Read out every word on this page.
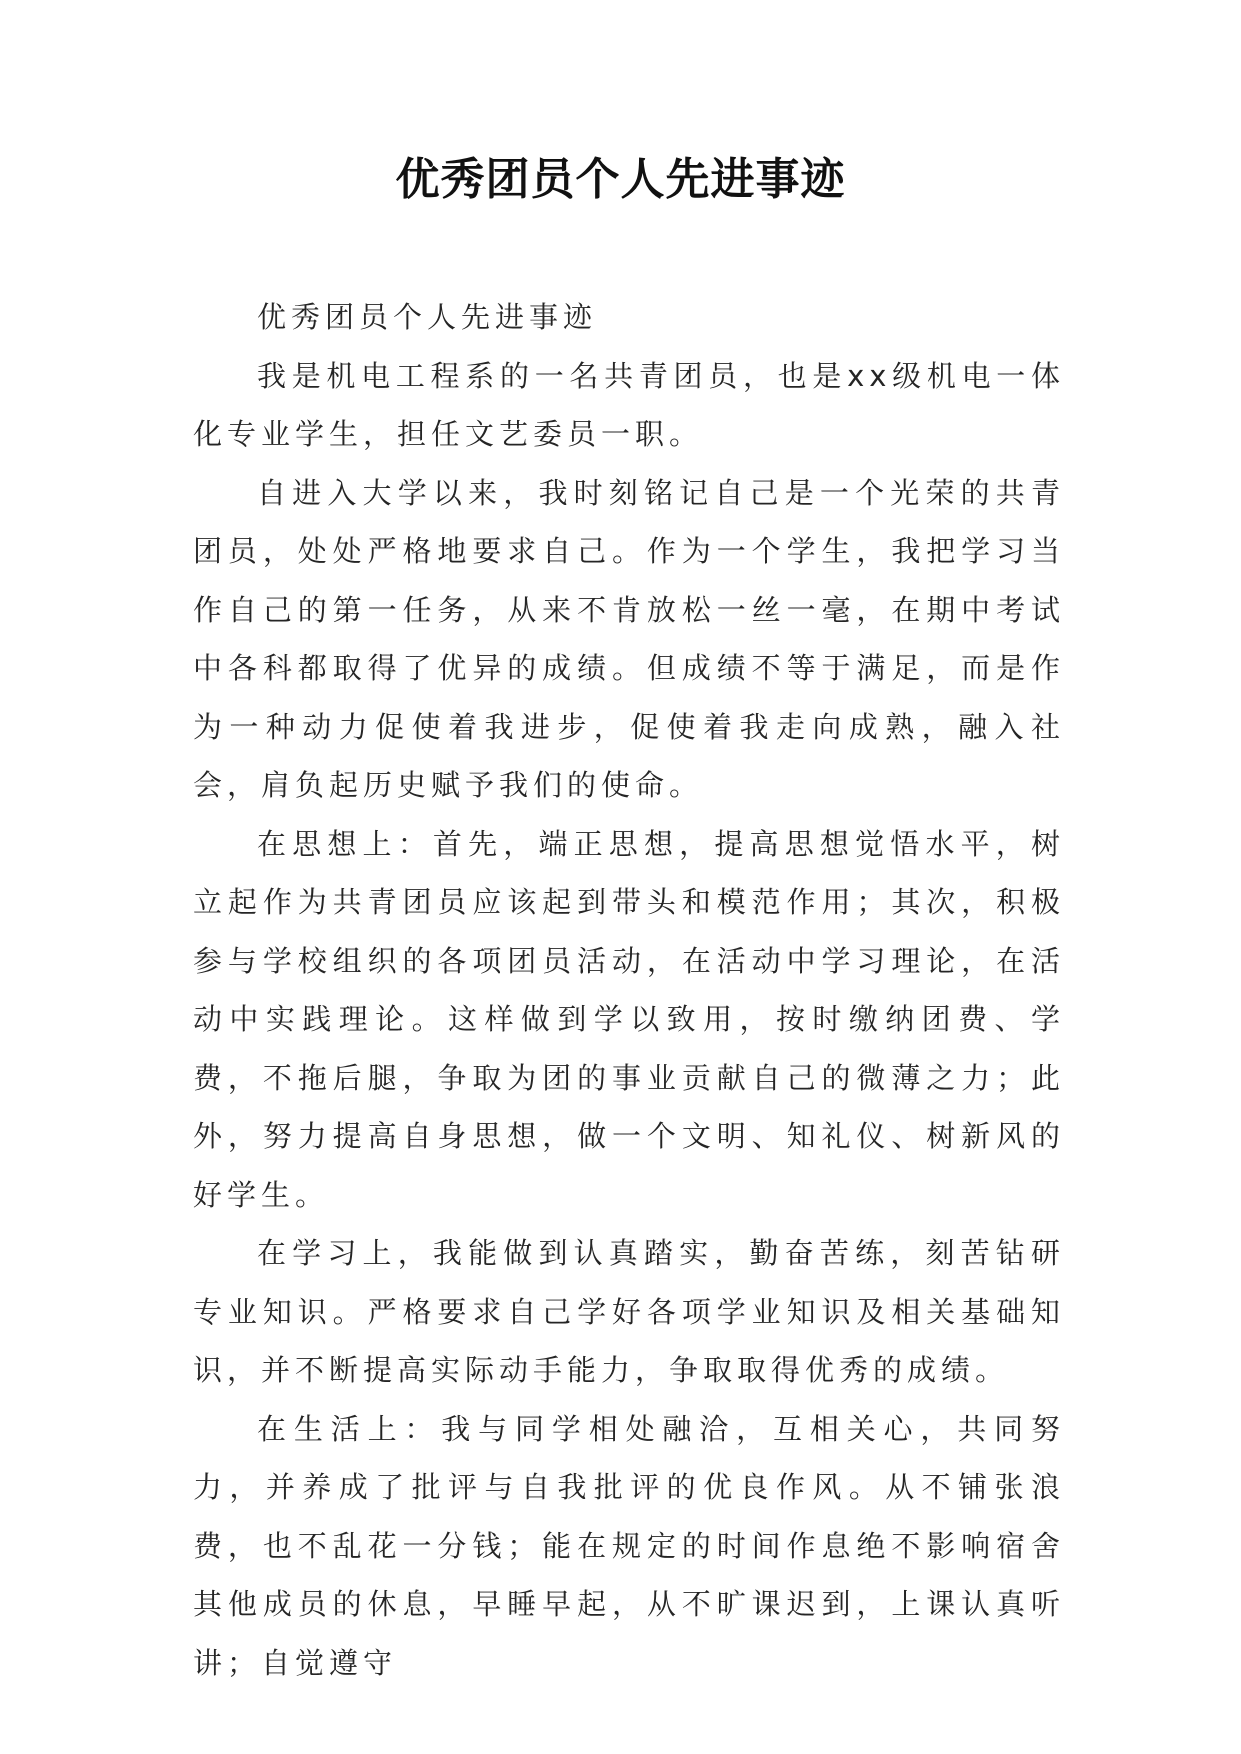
优秀团员个人先进事迹

优秀团员个人先进事迹

我是机电工程系的一名共青团员，也是xx级机电一体化专业学生，担任文艺委员一职。

自进入大学以来，我时刻铭记自己是一个光荣的共青团员，处处严格地要求自己。作为一个学生，我把学习当作自己的第一任务，从来不肯放松一丝一毫，在期中考试中各科都取得了优异的成绩。但成绩不等于满足，而是作为一种动力促使着我进步，促使着我走向成熟，融入社会，肩负起历史赋予我们的使命。

在思想上：首先，端正思想，提高思想觉悟水平，树立起作为共青团员应该起到带头和模范作用；其次，积极参与学校组织的各项团员活动，在活动中学习理论，在活动中实践理论。这样做到学以致用，按时缴纳团费、学费，不拖后腿，争取为团的事业贡献自己的微薄之力；此外，努力提高自身思想，做一个文明、知礼仪、树新风的好学生。

在学习上，我能做到认真踏实，勤奋苦练，刻苦钻研专业知识。严格要求自己学好各项学业知识及相关基础知识，并不断提高实际动手能力，争取取得优秀的成绩。

在生活上：我与同学相处融洽，互相关心，共同努力，并养成了批评与自我批评的优良作风。从不铺张浪费，也不乱花一分钱；能在规定的时间作息绝不影响宿舍其他成员的休息，早睡早起，从不旷课迟到，上课认真听讲；自觉遵守
